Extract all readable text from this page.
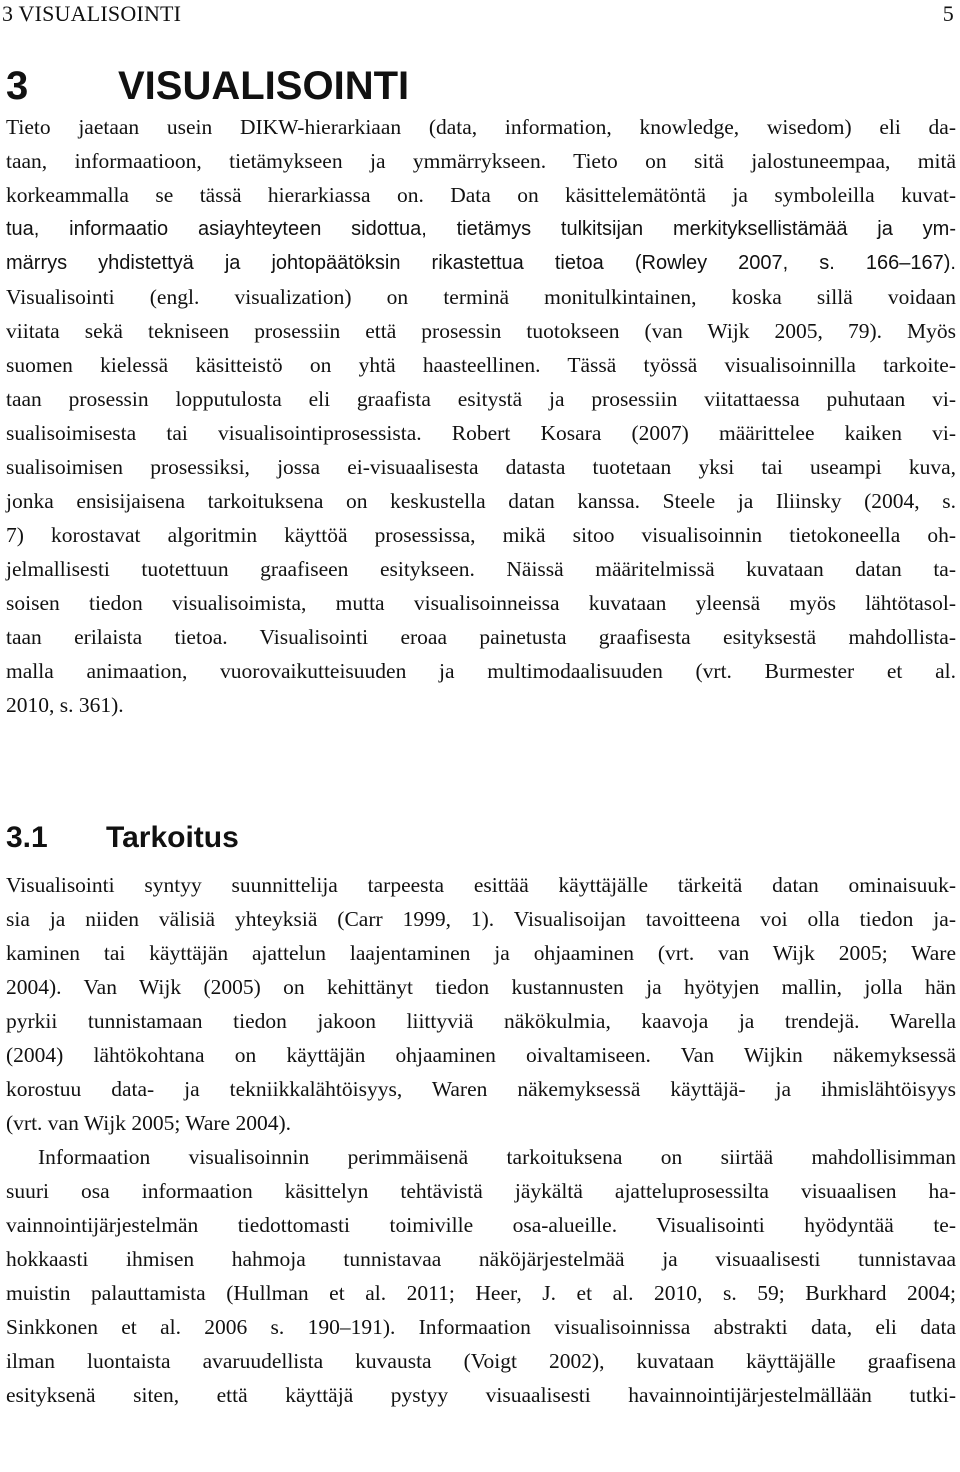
3 VISUALISOINTI	5
3 VISUALISOINTI
Tieto jaetaan usein DIKW-hierarkiaan (data, information, knowledge, wisedom) eli da-
taan, informaatioon, tietämykseen ja ymmärrykseen. Tieto on sitä jalostuneempaa, mitä
korkeammalla se tässä hierarkiassa on. Data on käsittelemätöntä ja symboleilla kuvat-
tua, informaatio asiayhteyteen sidottua, tietämys tulkitsijan merkityksellistämää ja ym-
märrys yhdistettyä ja johtopäätöksin rikastettua tietoa (Rowley 2007, s. 166–167).
Visualisointi (engl. visualization) on terminä monitulkintainen, koska sillä voidaan
viitata sekä tekniseen prosessiin että prosessin tuotokseen (van Wijk 2005, 79). Myös
suomen kielessä käsitteistö on yhtä haasteellinen. Tässä työssä visualisoinnilla tarkoite-
taan prosessin lopputulosta eli graafista esitystä ja prosessiin viitattaessa puhutaan vi-
sualisoimisesta tai visualisointiprosessista. Robert Kosara (2007) määrittelee kaiken vi-
sualisoimisen prosessiksi, jossa ei-visuaalisesta datasta tuotetaan yksi tai useampi kuva,
jonka ensisijaisena tarkoituksena on keskustella datan kanssa. Steele ja Iliinsky (2004, s.
7) korostavat algoritmin käyttöä prosessissa, mikä sitoo visualisoinnin tietokoneella oh-
jelmallisesti tuotettuun graafiseen esitykseen. Näissä määritelmissä kuvataan datan ta-
soisen tiedon visualisoimista, mutta visualisoinneissa kuvataan yleensä myös lähtötasol-
taan erilaista tietoa. Visualisointi eroaa painetusta graafisesta esityksestä mahdollista-
malla animaation, vuorovaikutteisuuden ja multimodaalisuuden (vrt. Burmester et al.
2010, s. 361).
3.1 Tarkoitus
Visualisointi syntyy suunnittelija tarpeesta esittää käyttäjälle tärkeitä datan ominaisuuk-
sia ja niiden välisiä yhteyksiä (Carr 1999, 1). Visualisoijan tavoitteena voi olla tiedon ja-
kaminen tai käyttäjän ajattelun laajentaminen ja ohjaaminen (vrt. van Wijk 2005; Ware
2004). Van Wijk (2005) on kehittänyt tiedon kustannusten ja hyötyjen mallin, jolla hän
pyrkii tunnistamaan tiedon jakoon liittyviä näkökulmia, kaavoja ja trendejä. Warella
(2004) lähtökohtana on käyttäjän ohjaaminen oivaltamiseen. Van Wijkin näkemyksessä
korostuu data- ja tekniikkalähtöisyys, Waren näkemyksessä käyttäjä- ja ihmislähtöisyys
(vrt. van Wijk 2005; Ware 2004).
Informaation visualisoinnin perimmäisenä tarkoituksena on siirtää mahdollisimman
suuri osa informaation käsittelyn tehtävistä jäykältä ajatteluprosessilta visuaalisen ha-
vainnointijärjestelmän tiedottomasti toimiville osa-alueille. Visualisointi hyödyntää te-
hokkaasti ihmisen hahmoja tunnistavaa näköjärjestelmää ja visuaalisesti tunnistavaa
muistin palauttamista (Hullman et al. 2011; Heer, J. et al. 2010, s. 59; Burkhard 2004;
Sinkkonen et al. 2006 s. 190–191). Informaation visualisoinnissa abstrakti data, eli data
ilman luontaista avaruudellista kuvausta (Voigt 2002), kuvataan käyttäjälle graafisena
esityksenä siten, että käyttäjä pystyy visuaalisesti havainnointijärjestelmällään tutki-
